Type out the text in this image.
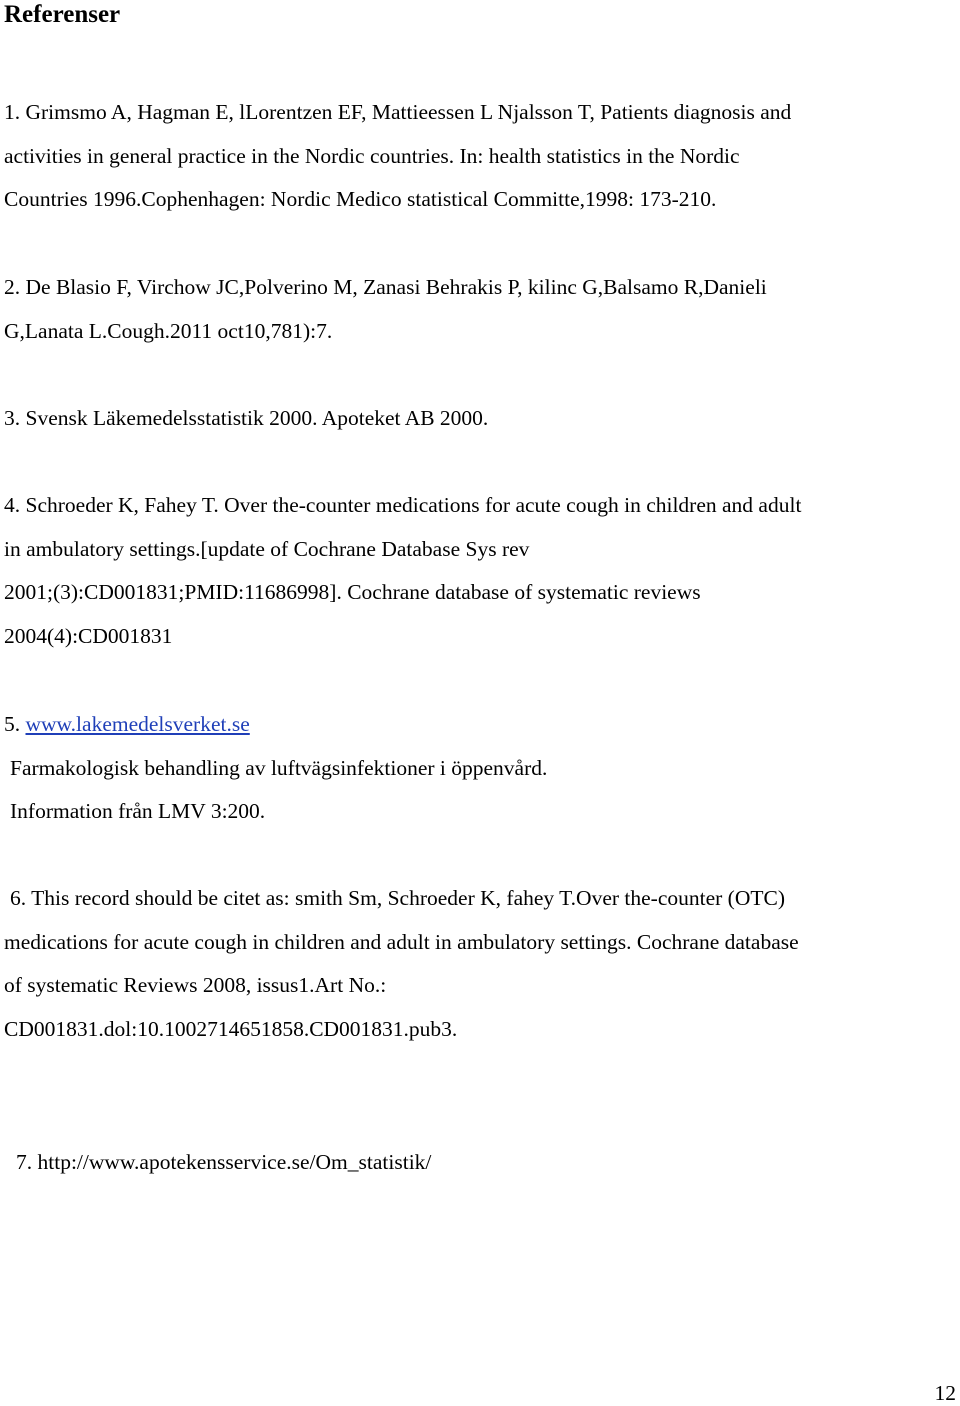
Referenser
1. Grimsmo A, Hagman E, lLorentzen EF, Mattieessen L Njalsson T, Patients diagnosis and
activities in general practice in the Nordic countries. In: health statistics in the Nordic
Countries 1996.Cophenhagen: Nordic Medico statistical Committe,1998: 173-210.
2. De Blasio F, Virchow JC,Polverino M, Zanasi Behrakis P, kilinc G,Balsamo R,Danieli
G,Lanata L.Cough.2011 oct10,781):7.
3. Svensk Läkemedelsstatistik 2000. Apoteket AB 2000.
4. Schroeder K, Fahey T. Over the-counter medications for acute cough in children and adult
in ambulatory settings.[update of Cochrane Database Sys rev
2001;(3):CD001831;PMID:11686998]. Cochrane database of systematic reviews
2004(4):CD001831
5. www.lakemedelsverket.se
Farmakologisk behandling av luftvägsinfektioner i öppenvård.
Information från LMV 3:200.
6. This record should be citet as: smith Sm, Schroeder K, fahey T.Over the-counter (OTC)
medications for acute cough in children and adult in ambulatory settings. Cochrane database
of systematic Reviews 2008, issus1.Art No.:
CD001831.dol:10.1002714651858.CD001831.pub3.
7. http://www.apotekensservice.se/Om_statistik/
12
